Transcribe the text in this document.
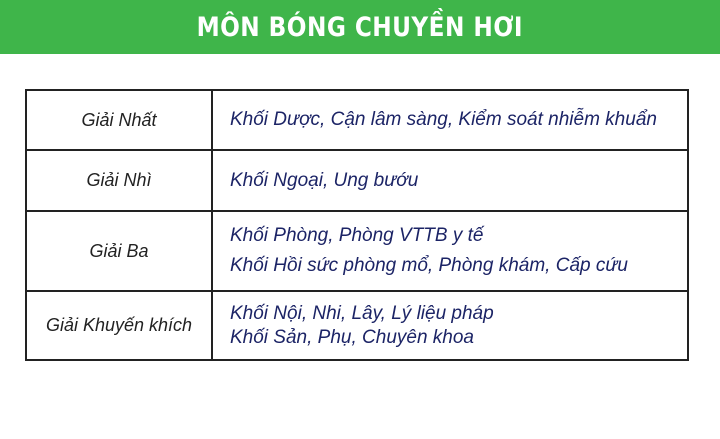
MÔN BÓNG CHUYỀN HƠI
Giải Nhất	Khối Dược, Cận lâm sàng, Kiểm soát nhiễm khuẩn

Giải Nhì	Khối Ngoại, Ung bướu

Giải Ba	Khối Phòng, Phòng VTTB y tế
Khối Hồi sức phòng mổ, Phòng khám, Cấp cứu

Giải Khuyến khích	Khối Nội, Nhi, Lây, Lý liệu pháp
Khối Sản, Phụ, Chuyên khoa
